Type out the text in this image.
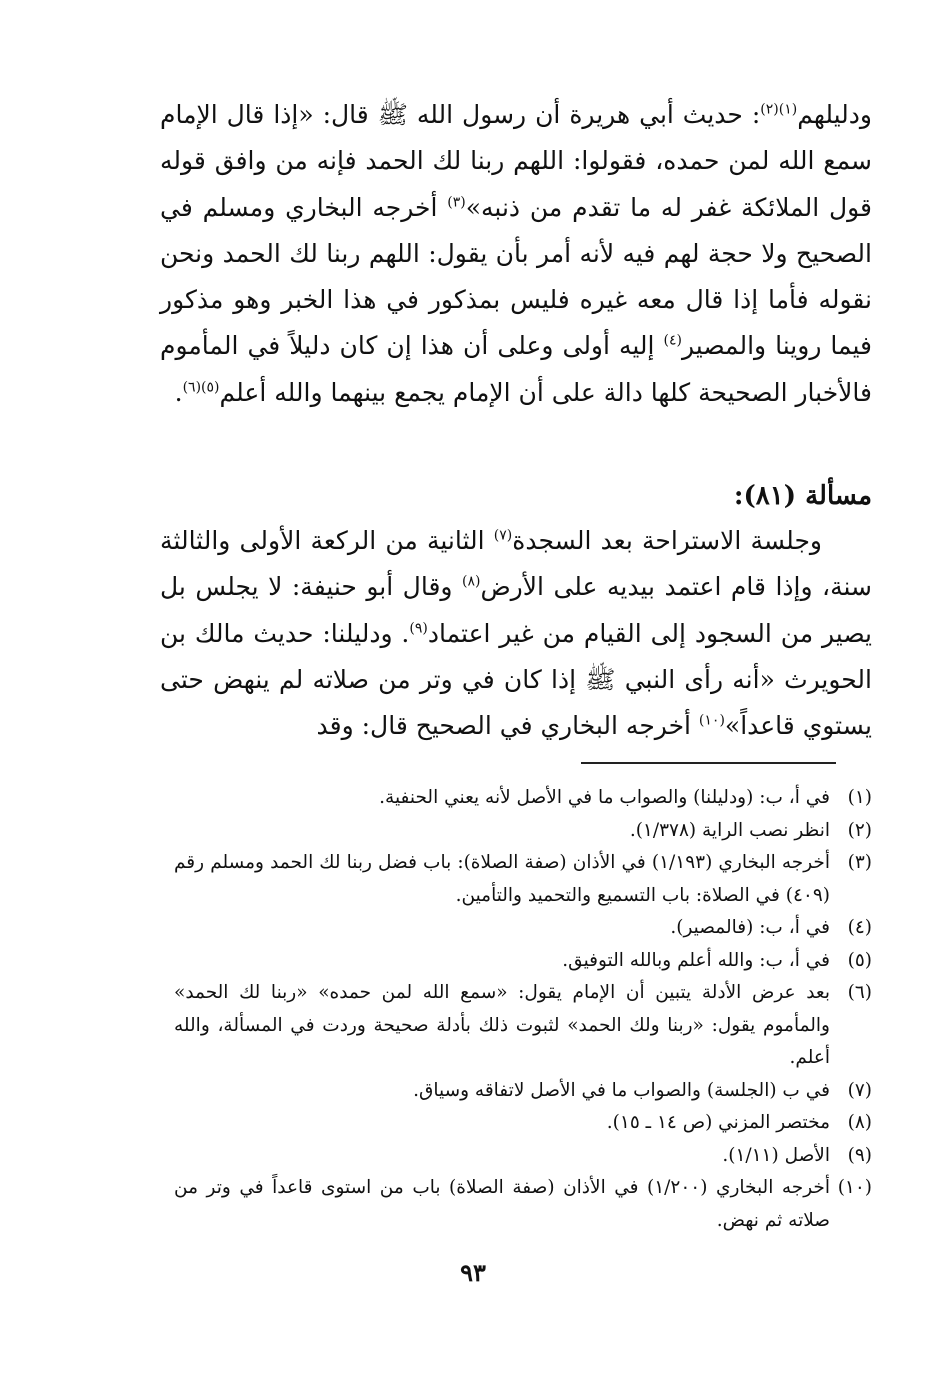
ودليلهم$^{(١)(٢)}$: حديث أبي هريرة أن رسول الله ﷺ قال: «إذا قال الإمام سمع الله لمن حمده، فقولوا: اللهم ربنا لك الحمد فإنه من وافق قوله قول الملائكة غفر له ما تقدم من ذنبه»$^{(٣)}$ أخرجه البخاري ومسلم في الصحيح ولا حجة لهم فيه لأنه أمر بأن يقول: اللهم ربنا لك الحمد ونحن نقوله فأما إذا قال معه غيره فليس بمذكور في هذا الخبر وهو مذكور فيما روينا والمصير$^{(٤)}$ إليه أولى وعلى أن هذا إن كان دليلاً في المأموم فالأخبار الصحيحة كلها دالة على أن الإمام يجمع بينهما والله أعلم$^{(٥)(٦)}$.

مسألة (٨١):

وجلسة الاستراحة بعد السجدة$^{(٧)}$ الثانية من الركعة الأولى والثالثة سنة، وإذا قام اعتمد بيديه على الأرض$^{(٨)}$ وقال أبو حنيفة: لا يجلس بل يصير من السجود إلى القيام من غير اعتماد$^{(٩)}$. ودليلنا: حديث مالك بن الحويرث «أنه رأى النبي ﷺ إذا كان في وتر من صلاته لم ينهض حتى يستوي قاعداً»$^{(١٠)}$ أخرجه البخاري في الصحيح قال: وقد

(١)
في أ، ب: (ودليلنا) والصواب ما في الأصل لأنه يعني الحنفية.
(٢)
انظر نصب الراية (١/٣٧٨).
(٣)
أخرجه البخاري (١/١٩٣) في الأذان (صفة الصلاة): باب فضل ربنا لك الحمد ومسلم رقم (٤٠٩) في الصلاة: باب التسميع والتحميد والتأمين.
(٤)
في أ، ب: (فالمصير).
(٥)
في أ، ب: والله أعلم وبالله التوفيق.
(٦)
بعد عرض الأدلة يتبين أن الإمام يقول: «سمع الله لمن حمده» «ربنا لك الحمد» والمأموم يقول: «ربنا ولك الحمد» لثبوت ذلك بأدلة صحيحة وردت في المسألة، والله أعلم.
(٧)
في ب (الجلسة) والصواب ما في الأصل لاتفاقه وسياق.
(٨)
مختصر المزني (ص ١٤ ـ ١٥).
(٩)
الأصل (١/١١).
(١٠)
أخرجه البخاري (١/٢٠٠) في الأذان (صفة الصلاة) باب من استوى قاعداً في وتر من صلاته ثم نهض.
٩٣
